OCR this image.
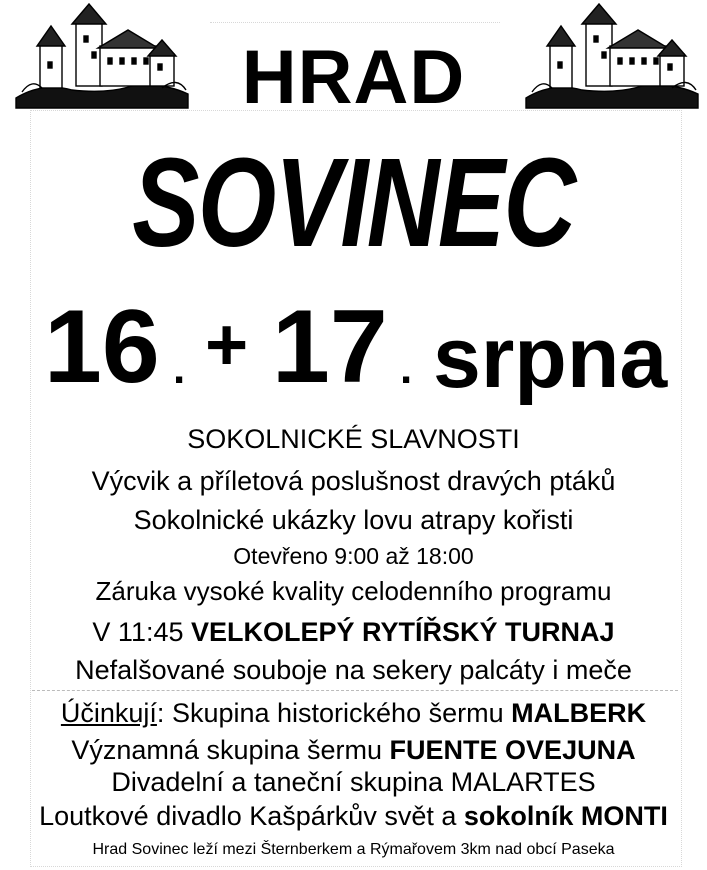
HRAD
SOVINEC
16 . + 17 . srpna
SOKOLNICKÉ SLAVNOSTI
Výcvik a příletová poslušnost dravých ptáků
Sokolnické ukázky lovu atrapy kořisti
Otevřeno 9:00 až 18:00
Záruka vysoké kvality celodenního programu
V 11:45 VELKOLEPÝ RYTÍŘSKÝ TURNAJ
Nefalšované souboje na sekery palcáty i meče
Účinkují: Skupina historického šermu MALBERK
Významná skupina šermu FUENTE OVEJUNA
Divadelní a taneční skupina MALARTES
Loutkové divadlo Kašpárkův svět a sokolník MONTI
Hrad Sovinec leží mezi Šternberkem a Rýmařovem 3km nad obcí Paseka
